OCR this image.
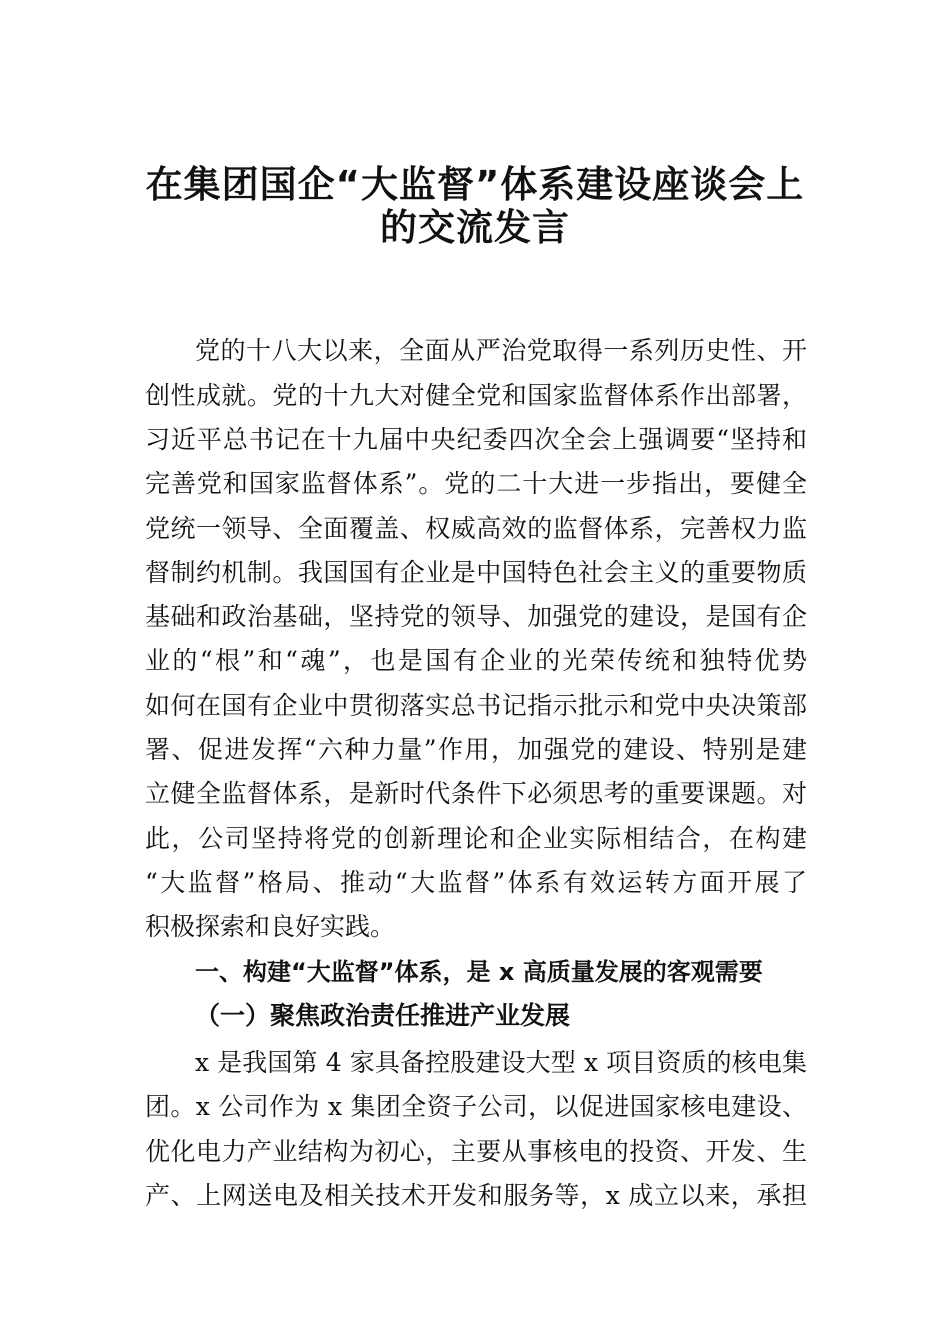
在集团国企“大监督”体系建设座谈会上
的交流发言
党的十八大以来，全面从严治党取得一系列历史性、开
创性成就。党的十九大对健全党和国家监督体系作出部署，
习近平总书记在十九届中央纪委四次全会上强调要“坚持和
完善党和国家监督体系”。党的二十大进一步指出，要健全
党统一领导、全面覆盖、权威高效的监督体系，完善权力监
督制约机制。我国国有企业是中国特色社会主义的重要物质
基础和政治基础，坚持党的领导、加强党的建设，是国有企
业的“根”和“魂”，也是国有企业的光荣传统和独特优势
如何在国有企业中贯彻落实总书记指示批示和党中央决策部
署、促进发挥“六种力量”作用，加强党的建设、特别是建
立健全监督体系，是新时代条件下必须思考的重要课题。对
此，公司坚持将党的创新理论和企业实际相结合，在构建
“大监督”格局、推动“大监督”体系有效运转方面开展了
积极探索和良好实践。
一、构建“大监督”体系，是 x 高质量发展的客观需要
（一）聚焦政治责任推进产业发展
x 是我国第 4 家具备控股建设大型 x 项目资质的核电集
团。x 公司作为 x 集团全资子公司，以促进国家核电建设、
优化电力产业结构为初心，主要从事核电的投资、开发、生
产、上网送电及相关技术开发和服务等，x 成立以来，承担
